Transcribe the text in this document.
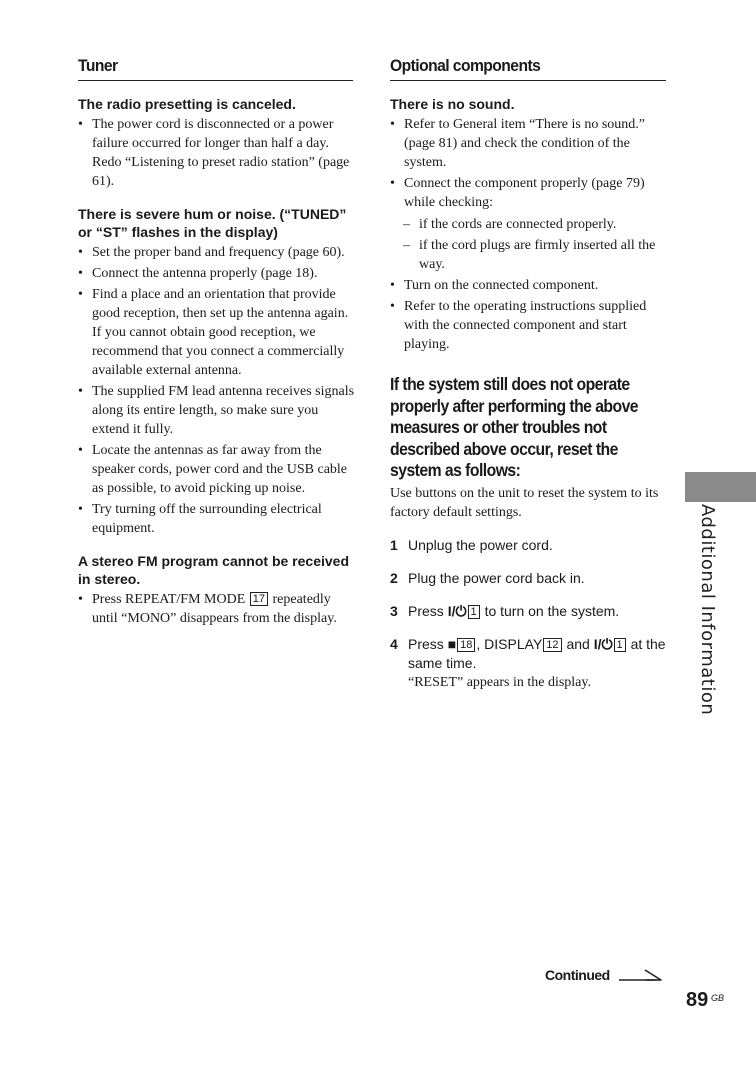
Tuner
The radio presetting is canceled.
• The power cord is disconnected or a power failure occurred for longer than half a day. Redo “Listening to preset radio station” (page 61).
There is severe hum or noise. (“TUNED” or “ST” flashes in the display)
• Set the proper band and frequency (page 60).
• Connect the antenna properly (page 18).
• Find a place and an orientation that provide good reception, then set up the antenna again. If you cannot obtain good reception, we recommend that you connect a commercially available external antenna.
• The supplied FM lead antenna receives signals along its entire length, so make sure you extend it fully.
• Locate the antennas as far away from the speaker cords, power cord and the USB cable as possible, to avoid picking up noise.
• Try turning off the surrounding electrical equipment.
A stereo FM program cannot be received in stereo.
• Press REPEAT/FM MODE 17 repeatedly until “MONO” disappears from the display.
Optional components
There is no sound.
• Refer to General item “There is no sound.” (page 81) and check the condition of the system.
• Connect the component properly (page 79) while checking:
– if the cords are connected properly.
– if the cord plugs are firmly inserted all the way.
• Turn on the connected component.
• Refer to the operating instructions supplied with the connected component and start playing.
If the system still does not operate properly after performing the above measures or other troubles not described above occur, reset the system as follows:
Use buttons on the unit to reset the system to its factory default settings.
1 Unplug the power cord.
2 Plug the power cord back in.
3 Press I/⏻ 1 to turn on the system.
4 Press ■ 18 , DISPLAY 12 and I/⏻ 1 at the same time.
“RESET” appears in the display.	Additional Information
Continued
89 GB
